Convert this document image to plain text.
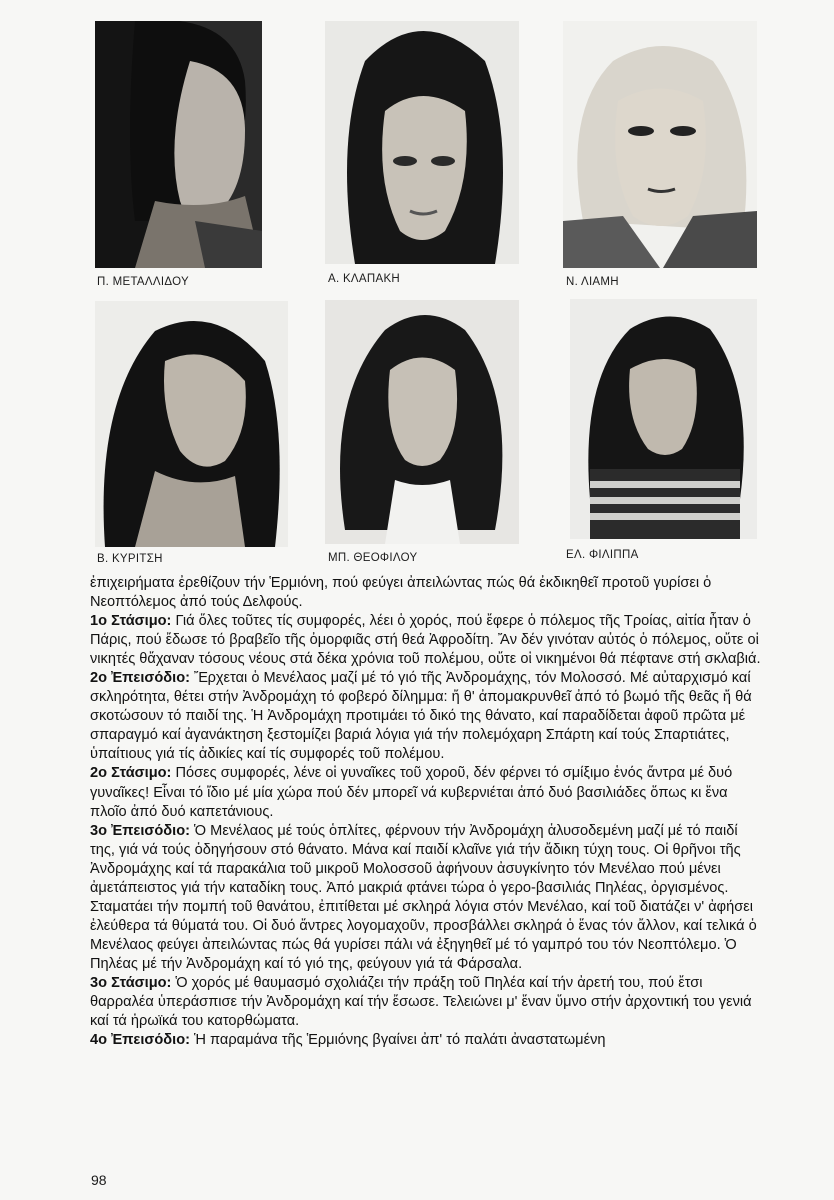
Π. ΜΕΤΑΛΛΙΔΟΥ	Α. ΚΛΑΠΑΚΗ	Ν. ΛΙΑΜΗ
Β. ΚΥΡΙΤΣΗ	ΜΠ. ΘΕΟΦΙΛΟΥ	ΕΛ. ΦΙΛΙΠΠΑ

ἐπιχειρήματα ἐρεθίζουν τήν Ἑρμιόνη, πού φεύγει ἀπειλώντας πώς θά ἐκδικηθεῖ προτοῦ γυρίσει ὁ Νεοπτόλεμος ἀπό τούς Δελφούς.

1ο Στάσιμο: Γιά ὅλες τοῦτες τίς συμφορές, λέει ὁ χορός, πού ἔφερε ὁ πόλεμος τῆς Τροίας, αἰτία ἦταν ὁ Πάρις, πού ἔδωσε τό βραβεῖο τῆς ὀμορφιᾶς στή θεά Ἀφροδίτη. Ἄν δέν γινόταν αὐτός ὁ πόλεμος, οὔτε οἱ νικητές θἄχαναν τόσους νέους στά δέκα χρόνια τοῦ πολέμου, οὔτε οἱ νικημένοι θά πέφτανε στή σκλαβιά.

2ο Ἐπεισόδιο: Ἔρχεται ὁ Μενέλαος μαζί μέ τό γιό τῆς Ἀνδρομάχης, τόν Μολοσσό. Μέ αὐταρχισμό καί σκληρότητα, θέτει στήν Ἀνδρομάχη τό φοβερό δίλημμα: ἤ θ' ἀπομακρυνθεῖ ἀπό τό βωμό τῆς θεᾶς ἤ θά σκοτώσουν τό παιδί της. Ἡ Ἀνδρομάχη προτιμάει τό δικό της θάνατο, καί παραδίδεται ἀφοῦ πρῶτα μέ σπαραγμό καί ἀγανάκτηση ξεστομίζει βαριά λόγια γιά τήν πολεμόχαρη Σπάρτη καί τούς Σπαρτιάτες, ὑπαίτιους γιά τίς ἀδικίες καί τίς συμφορές τοῦ πολέμου.

2ο Στάσιμο: Πόσες συμφορές, λένε οἱ γυναῖκες τοῦ χοροῦ, δέν φέρνει τό σμίξιμο ἑνός ἄντρα μέ δυό γυναῖκες! Εἶναι τό ἴδιο μέ μία χώρα πού δέν μπορεῖ νά κυβερνιέται ἀπό δυό βασιλιάδες ὅπως κι ἕνα πλοῖο ἀπό δυό καπετάνιους.

3ο Ἐπεισόδιο: Ὁ Μενέλαος μέ τούς ὁπλίτες, φέρνουν τήν Ἀνδρομάχη ἁλυσοδεμένη μαζί μέ τό παιδί της, γιά νά τούς ὁδηγήσουν στό θάνατο. Μάνα καί παιδί κλαῖνε γιά τήν ἄδικη τύχη τους. Οἱ θρῆνοι τῆς Ἀνδρομάχης καί τά παρακάλια τοῦ μικροῦ Μολοσσοῦ ἀφήνουν ἀσυγκίνητο τόν Μενέλαο πού μένει ἀμετάπειστος γιά τήν καταδίκη τους. Ἀπό μακριά φτάνει τώρα ὁ γερο-βασιλιάς Πηλέας, ὀργισμένος. Σταματάει τήν πομπή τοῦ θανάτου, ἐπιτίθεται μέ σκληρά λόγια στόν Μενέλαο, καί τοῦ διατάζει ν' ἀφήσει ἐλεύθερα τά θύματά του. Οἱ δυό ἄντρες λογομαχοῦν, προσβάλλει σκληρά ὁ ἕνας τόν ἄλλον, καί τελικά ὁ Μενέλαος φεύγει ἀπειλώντας πώς θά γυρίσει πάλι νά ἐξηγηθεῖ μέ τό γαμπρό του τόν Νεοπτόλεμο. Ὁ Πηλέας μέ τήν Ἀνδρομάχη καί τό γιό της, φεύγουν γιά τά Φάρσαλα.

3ο Στάσιμο: Ὁ χορός μέ θαυμασμό σχολιάζει τήν πράξη τοῦ Πηλέα καί τήν ἀρετή του, πού ἔτσι θαρραλέα ὑπεράσπισε τήν Ἀνδρομάχη καί τήν ἔσωσε. Τελειώνει μ' ἕναν ὕμνο στήν ἀρχοντική του γενιά καί τά ἡρωϊκά του κατορθώματα.

4ο Ἐπεισόδιο: Ἡ παραμάνα τῆς Ἑρμιόνης βγαίνει ἀπ' τό παλάτι ἀναστατωμένη

98
